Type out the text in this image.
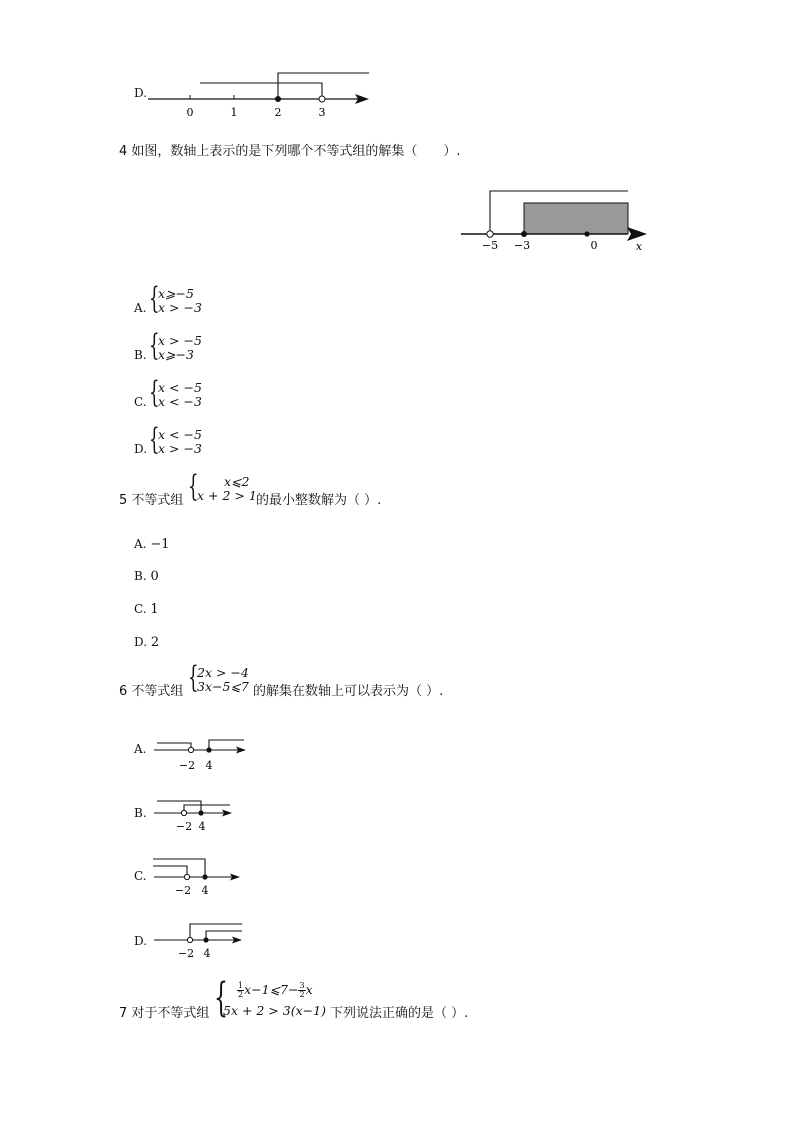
D.
0	1	2	3
4 如图，数轴上表示的是下列哪个不等式组的解集（　　）.
−5 −3	0	x
A. {
x⩾−5
x > −3
B. {
x > −5
x⩾−3
C. {
x < −5
x < −3
D. {
x < −5
x > −3
5 不等式组 { x⩽2
x + 2 > 1 的最小整数解为（ ）.
A. −1
B. 0
C. 1
D. 2
6 不等式组 {
2x > −4
3x−5⩽7 的解集在数轴上可以表示为（ ）.
A.
−2 4
B.
−2 4
C.
−2 4
D.
−2 4
7 对于不等式组 { $\frac{1}{2}$ x−1⩽7− $\frac{3}{2}$ x
5x + 2 > 3(x−1) 下列说法正确的是（ ）.
